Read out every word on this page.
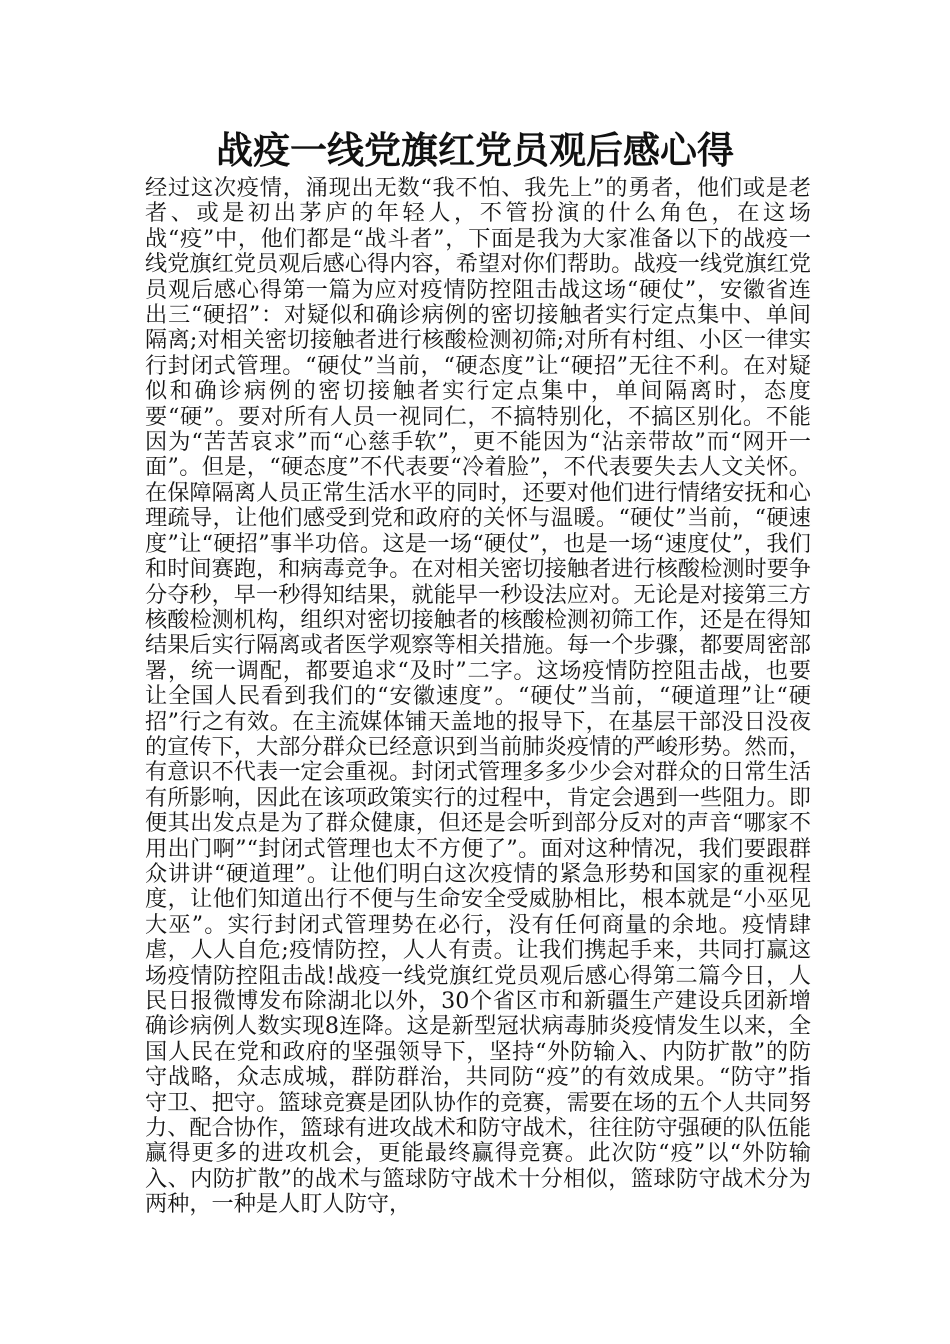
战疫一线党旗红党员观后感心得

经过这次疫情，涌现出无数“我不怕、我先上”的勇者，他们或是老者、或是初出茅庐的年轻人，不管扮演的什么角色，在这场战“疫”中，他们都是“战斗者”，下面是我为大家准备以下的战疫一线党旗红党员观后感心得内容，希望对你们帮助。战疫一线党旗红党员观后感心得第一篇为应对疫情防控阻击战这场“硬仗”，安徽省连出三“硬招”：对疑似和确诊病例的密切接触者实行定点集中、单间隔离;对相关密切接触者进行核酸检测初筛;对所有村组、小区一律实行封闭式管理。“硬仗”当前，“硬态度”让“硬招”无往不利。在对疑似和确诊病例的密切接触者实行定点集中，单间隔离时，态度要“硬”。要对所有人员一视同仁，不搞特别化，不搞区别化。不能因为“苦苦哀求”而“心慈手软”，更不能因为“沾亲带故”而“网开一面”。但是，“硬态度”不代表要“冷着脸”，不代表要失去人文关怀。在保障隔离人员正常生活水平的同时，还要对他们进行情绪安抚和心理疏导，让他们感受到党和政府的关怀与温暖。“硬仗”当前，“硬速度”让“硬招”事半功倍。这是一场“硬仗”，也是一场“速度仗”，我们和时间赛跑，和病毒竞争。在对相关密切接触者进行核酸检测时要争分夺秒，早一秒得知结果，就能早一秒设法应对。无论是对接第三方核酸检测机构，组织对密切接触者的核酸检测初筛工作，还是在得知结果后实行隔离或者医学观察等相关措施。每一个步骤，都要周密部署，统一调配，都要追求“及时”二字。这场疫情防控阻击战，也要让全国人民看到我们的“安徽速度”。“硬仗”当前，“硬道理”让“硬招”行之有效。在主流媒体铺天盖地的报导下，在基层干部没日没夜的宣传下，大部分群众已经意识到当前肺炎疫情的严峻形势。然而，有意识不代表一定会重视。封闭式管理多多少少会对群众的日常生活有所影响，因此在该项政策实行的过程中，肯定会遇到一些阻力。即便其出发点是为了群众健康，但还是会听到部分反对的声音“哪家不用出门啊”“封闭式管理也太不方便了”。面对这种情况，我们要跟群众讲讲“硬道理”。让他们明白这次疫情的紧急形势和国家的重视程度，让他们知道出行不便与生命安全受威胁相比，根本就是“小巫见大巫”。实行封闭式管理势在必行，没有任何商量的余地。疫情肆虐，人人自危;疫情防控，人人有责。让我们携起手来，共同打赢这场疫情防控阻击战!战疫一线党旗红党员观后感心得第二篇今日，人民日报微博发布除湖北以外，30个省区市和新疆生产建设兵团新增确诊病例人数实现8连降。这是新型冠状病毒肺炎疫情发生以来，全国人民在党和政府的坚强领导下，坚持“外防输入、内防扩散”的防守战略，众志成城，群防群治，共同防“疫”的有效成果。“防守”指守卫、把守。篮球竞赛是团队协作的竞赛，需要在场的五个人共同努力、配合协作，篮球有进攻战术和防守战术，往往防守强硬的队伍能赢得更多的进攻机会，更能最终赢得竞赛。此次防“疫”以“外防输入、内防扩散”的战术与篮球防守战术十分相似，篮球防守战术分为两种，一种是人盯人防守，
